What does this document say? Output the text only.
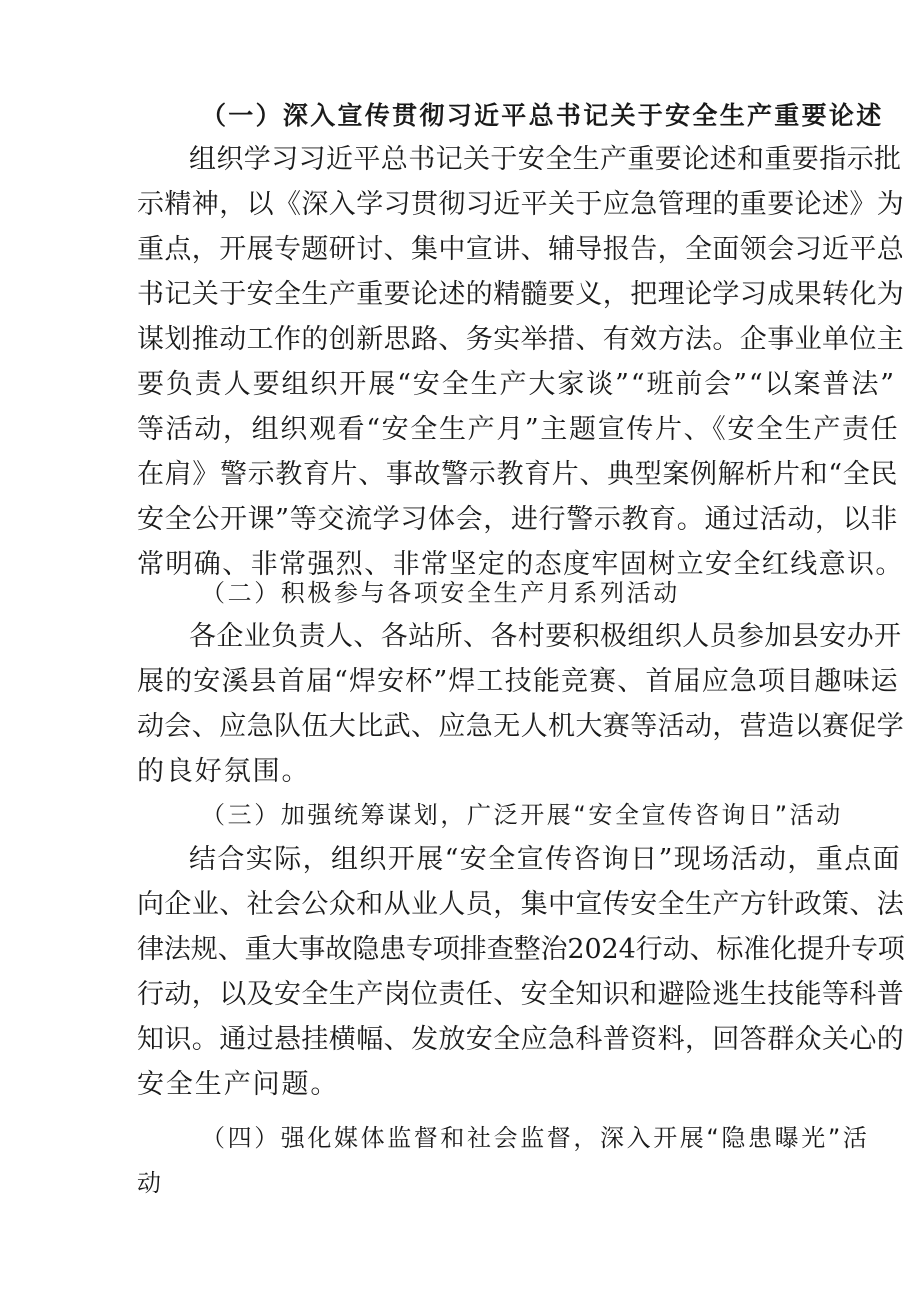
（一）深入宣传贯彻习近平总书记关于安全生产重要论述
组织学习习近平总书记关于安全生产重要论述和重要指示批
示精神，以《深入学习贯彻习近平关于应急管理的重要论述》为
重点，开展专题研讨、集中宣讲、辅导报告，全面领会习近平总
书记关于安全生产重要论述的精髓要义，把理论学习成果转化为
谋划推动工作的创新思路、务实举措、有效方法。企事业单位主
要负责人要组织开展“安全生产大家谈”“班前会”“以案普法”
等活动，组织观看“安全生产月”主题宣传片、《安全生产责任
在肩》警示教育片、事故警示教育片、典型案例解析片和“全民
安全公开课”等交流学习体会，进行警示教育。通过活动，以非
常明确、非常强烈、非常坚定的态度牢固树立安全红线意识。
（二）积极参与各项安全生产月系列活动
各企业负责人、各站所、各村要积极组织人员参加县安办开
展的安溪县首届“焊安杯”焊工技能竞赛、首届应急项目趣味运
动会、应急队伍大比武、应急无人机大赛等活动，营造以赛促学
的良好氛围。
（三）加强统筹谋划，广泛开展“安全宣传咨询日”活动
结合实际，组织开展“安全宣传咨询日”现场活动，重点面
向企业、社会公众和从业人员，集中宣传安全生产方针政策、法
律法规、重大事故隐患专项排查整治2024行动、标准化提升专项
行动，以及安全生产岗位责任、安全知识和避险逃生技能等科普
知识。通过悬挂横幅、发放安全应急科普资料，回答群众关心的
安全生产问题。
（四）强化媒体监督和社会监督，深入开展“隐患曝光”活
动
